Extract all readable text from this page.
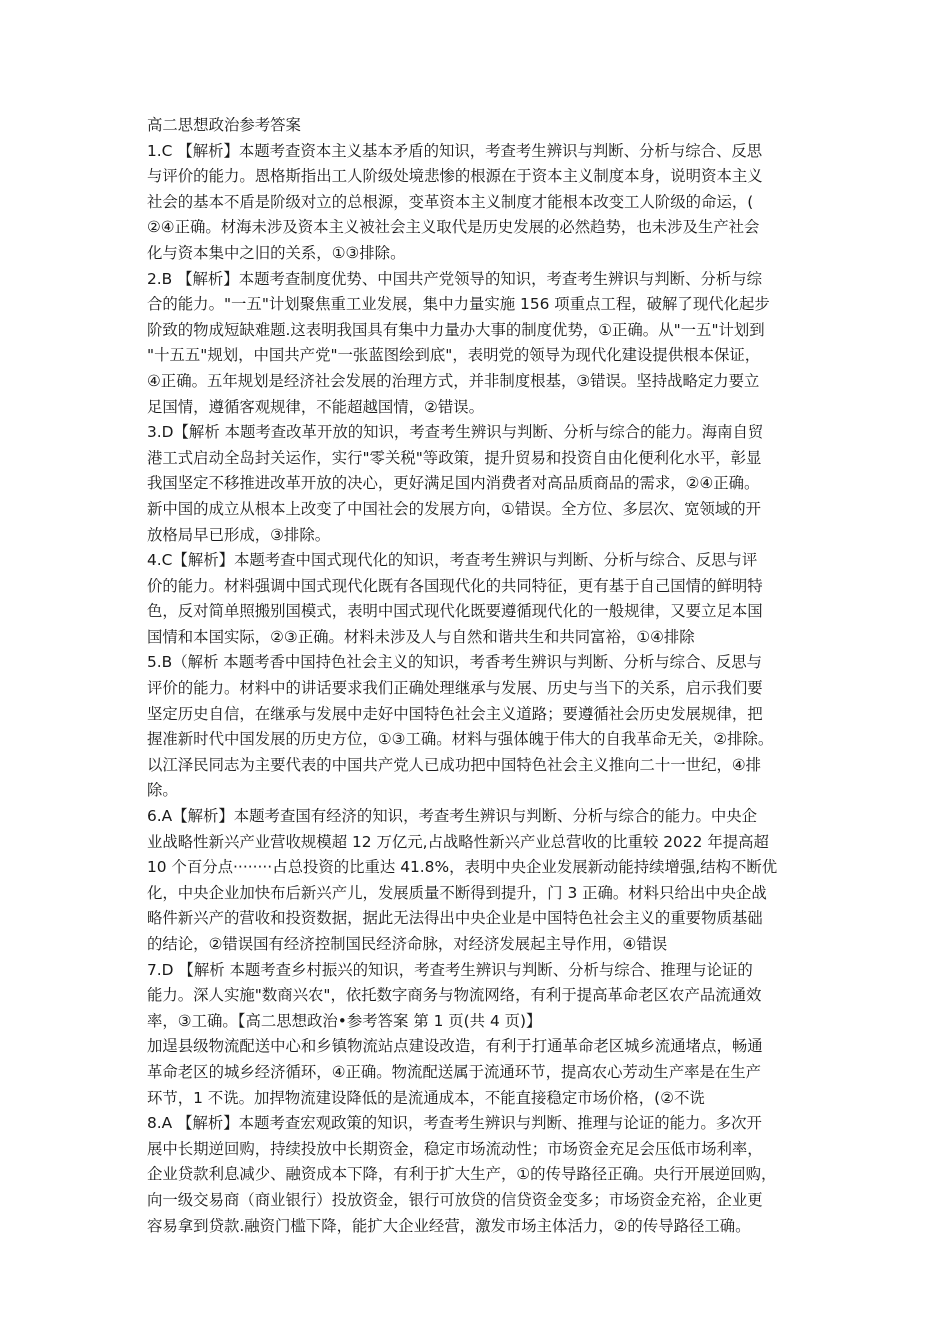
高二思想政治参考答案
1.C 【解析】本题考查资本主义基本矛盾的知识，考查考生辨识与判断、分析与综合、反思
与评价的能力。恩格斯指出工人阶级处境悲惨的根源在于资本主义制度本身，说明资本主义
社会的基本不盾是阶级对立的总根源，变革资本主义制度才能根本改变工人阶级的命运，(
②④正确。材海未涉及资本主义被社会主义取代是历史发展的必然趋势，也未涉及生产社会
化与资本集中之旧的关系，①③排除。
2.B 【解析】本题考查制度优势、中国共产党领导的知识，考查考生辨识与判断、分析与综
合的能力。"一五"计划聚焦重工业发展，集中力量实施 156 项重点工程，破解了现代化起步
阶致的物成短缺难题.这表明我国具有集中力量办大事的制度优势，①正确。从"一五"计划到
"十五五"规划，中国共产党"一张蓝图绘到底"，表明党的领导为现代化建设提供根本保证，
④正确。五年规划是经济社会发展的治理方式，并非制度根基，③错误。坚持战略定力要立
足国情，遵循客观规律，不能超越国情，②错误。
3.D【解析 本题考查改革开放的知识，考查考生辨识与判断、分析与综合的能力。海南自贸
港工式启动全岛封关运作，实行"零关税"等政策，提升贸易和投资自由化便利化水平，彰显
我国坚定不移推进改革开放的决心，更好满足国内消费者对高品质商品的需求，②④正确。
新中国的成立从根本上改变了中国社会的发展方向，①错误。全方位、多层次、宽领域的开
放格局早已形成，③排除。
4.C【解析】本题考查中国式现代化的知识，考查考生辨识与判断、分析与综合、反思与评
价的能力。材料强调中国式现代化既有各国现代化的共同特征，更有基于自己国情的鲜明特
色，反对简单照搬别国模式，表明中国式现代化既要遵循现代化的一般规律，又要立足本国
国情和本国实际，②③正确。材料未涉及人与自然和谐共生和共同富裕，①④排除
5.B（解析 本题考香中国持色社会主义的知识，考香考生辨识与判断、分析与综合、反思与
评价的能力。材料中的讲话要求我们正确处理继承与发展、历史与当下的关系，启示我们要
坚定历史自信，在继承与发展中走好中国特色社会主义道路；要遵循社会历史发展规律，把
握准新时代中国发展的历史方位，①③工确。材料与强体魄于伟大的自我革命无关，②排除。
以江泽民同志为主要代表的中国共产党人已成功把中国特色社会主义推向二十一世纪，④排
除。
6.A【解析】本题考查国有经济的知识，考查考生辨识与判断、分析与综合的能力。中央企
业战略性新兴产业营收规模超 12 万亿元,占战略性新兴产业总营收的比重较 2022 年提高超
10 个百分点········占总投资的比重达 41.8%，表明中央企业发展新动能持续增强,结构不断优
化，中央企业加快布后新兴产儿，发展质量不断得到提升，门 3 正确。材料只给出中央企战
略件新兴产的营收和投资数据，据此无法得出中央企业是中国特色社会主义的重要物质基础
的结论，②错误国有经济控制国民经济命脉，对经济发展起主导作用，④错误
7.D 【解析 本题考查乡村振兴的知识，考查考生辨识与判断、分析与综合、推理与论证的
能力。深人实施"数商兴农"，依托数字商务与物流网络，有利于提高革命老区农产品流通效
率，③工确。【高二思想政治•参考答案 第 1 页(共 4 页)】
加逞县级物流配送中心和乡镇物流站点建设改造，有利于打通革命老区城乡流通堵点，畅通
革命老区的城乡经济循环，④正确。物流配送属于流通环节，提高农心芳动生产率是在生产
环节，1 不诜。加捍物流建设降低的是流通成本，不能直接稳定市场价格，(②不诜
8.A 【解析】本题考查宏观政策的知识，考查考生辨识与判断、推理与论证的能力。多次开
展中长期逆回购，持续投放中长期资金，稳定市场流动性；市场资金充足会压低市场利率，
企业贷款利息减少、融资成本下降，有利于扩大生产，①的传导路径正确。央行开展逆回购，
向一级交易商（商业银行）投放资金，银行可放贷的信贷资金变多；市场资金充裕，企业更
容易拿到贷款.融资门槛下降，能扩大企业经营，激发市场主体活力，②的传导路径工确。
